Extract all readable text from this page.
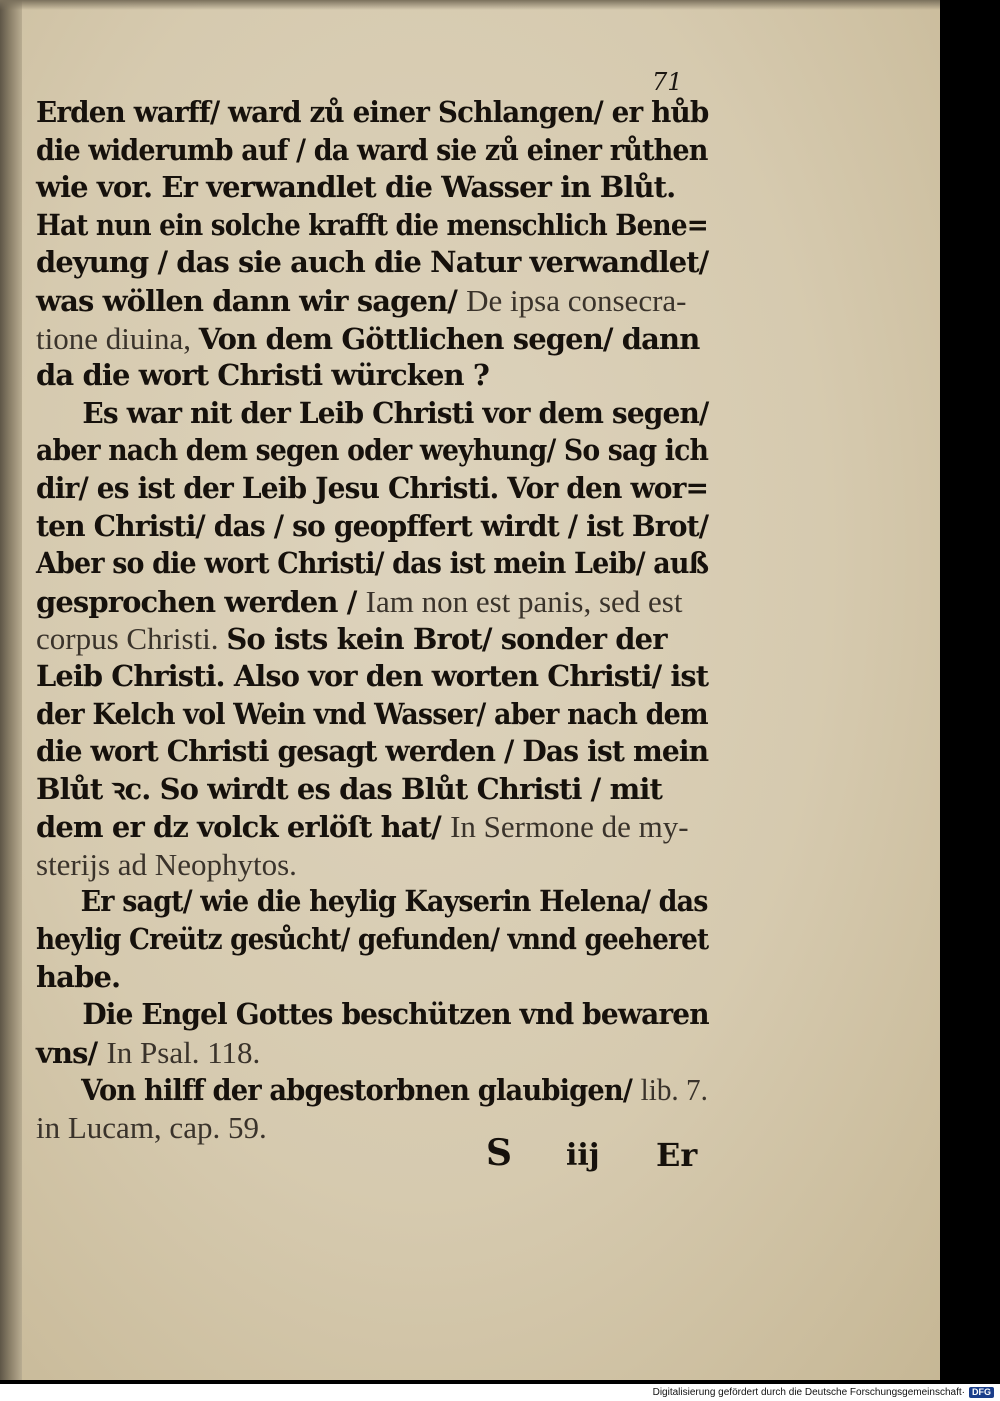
71
Erden warff/ ward zů einer Schlangen/ er hůb
die widerumb auf / da ward sie zů einer růthen
wie vor. Er verwandlet die Wasser in Blůt.
Hat nun ein solche krafft die menschlich Bene=
deyung / das sie auch die Natur verwandlet/
was wöllen dann wir sagen/ De ipsa consecra-
tione diuina, Von dem Göttlichen segen/ dann
da die wort Christi würcken ?
Es war nit der Leib Christi vor dem segen/
aber nach dem segen oder weyhung/ So sag ich
dir/ es ist der Leib Jesu Christi. Vor den wor=
ten Christi/ das / so geopffert wirdt / ist Brot/
Aber so die wort Christi/ das ist mein Leib/ auß
gesprochen werden / Iam non est panis, sed est
corpus Christi. So ists kein Brot/ sonder der
Leib Christi. Also vor den worten Christi/ ist
der Kelch vol Wein vnd Wasser/ aber nach dem
die wort Christi gesagt werden / Das ist mein
Blůt ꝛc. So wirdt es das Blůt Christi / mit
dem er dz volck erlöſt hat/ In Sermone de my-
sterijs ad Neophytos.
Er sagt/ wie die heylig Kayserin Helena/ das
heylig Creütz gesůcht/ gefunden/ vnnd geeheret
habe.
Die Engel Gottes beschützen vnd bewaren
vns/ In Psal. 118.
Von hilff der abgestorbnen glaubigen/ lib. 7.
in Lucam, cap. 59.
S iij Er
Digitalisierung gefördert durch die Deutsche Forschungsgemeinschaft· DFG
